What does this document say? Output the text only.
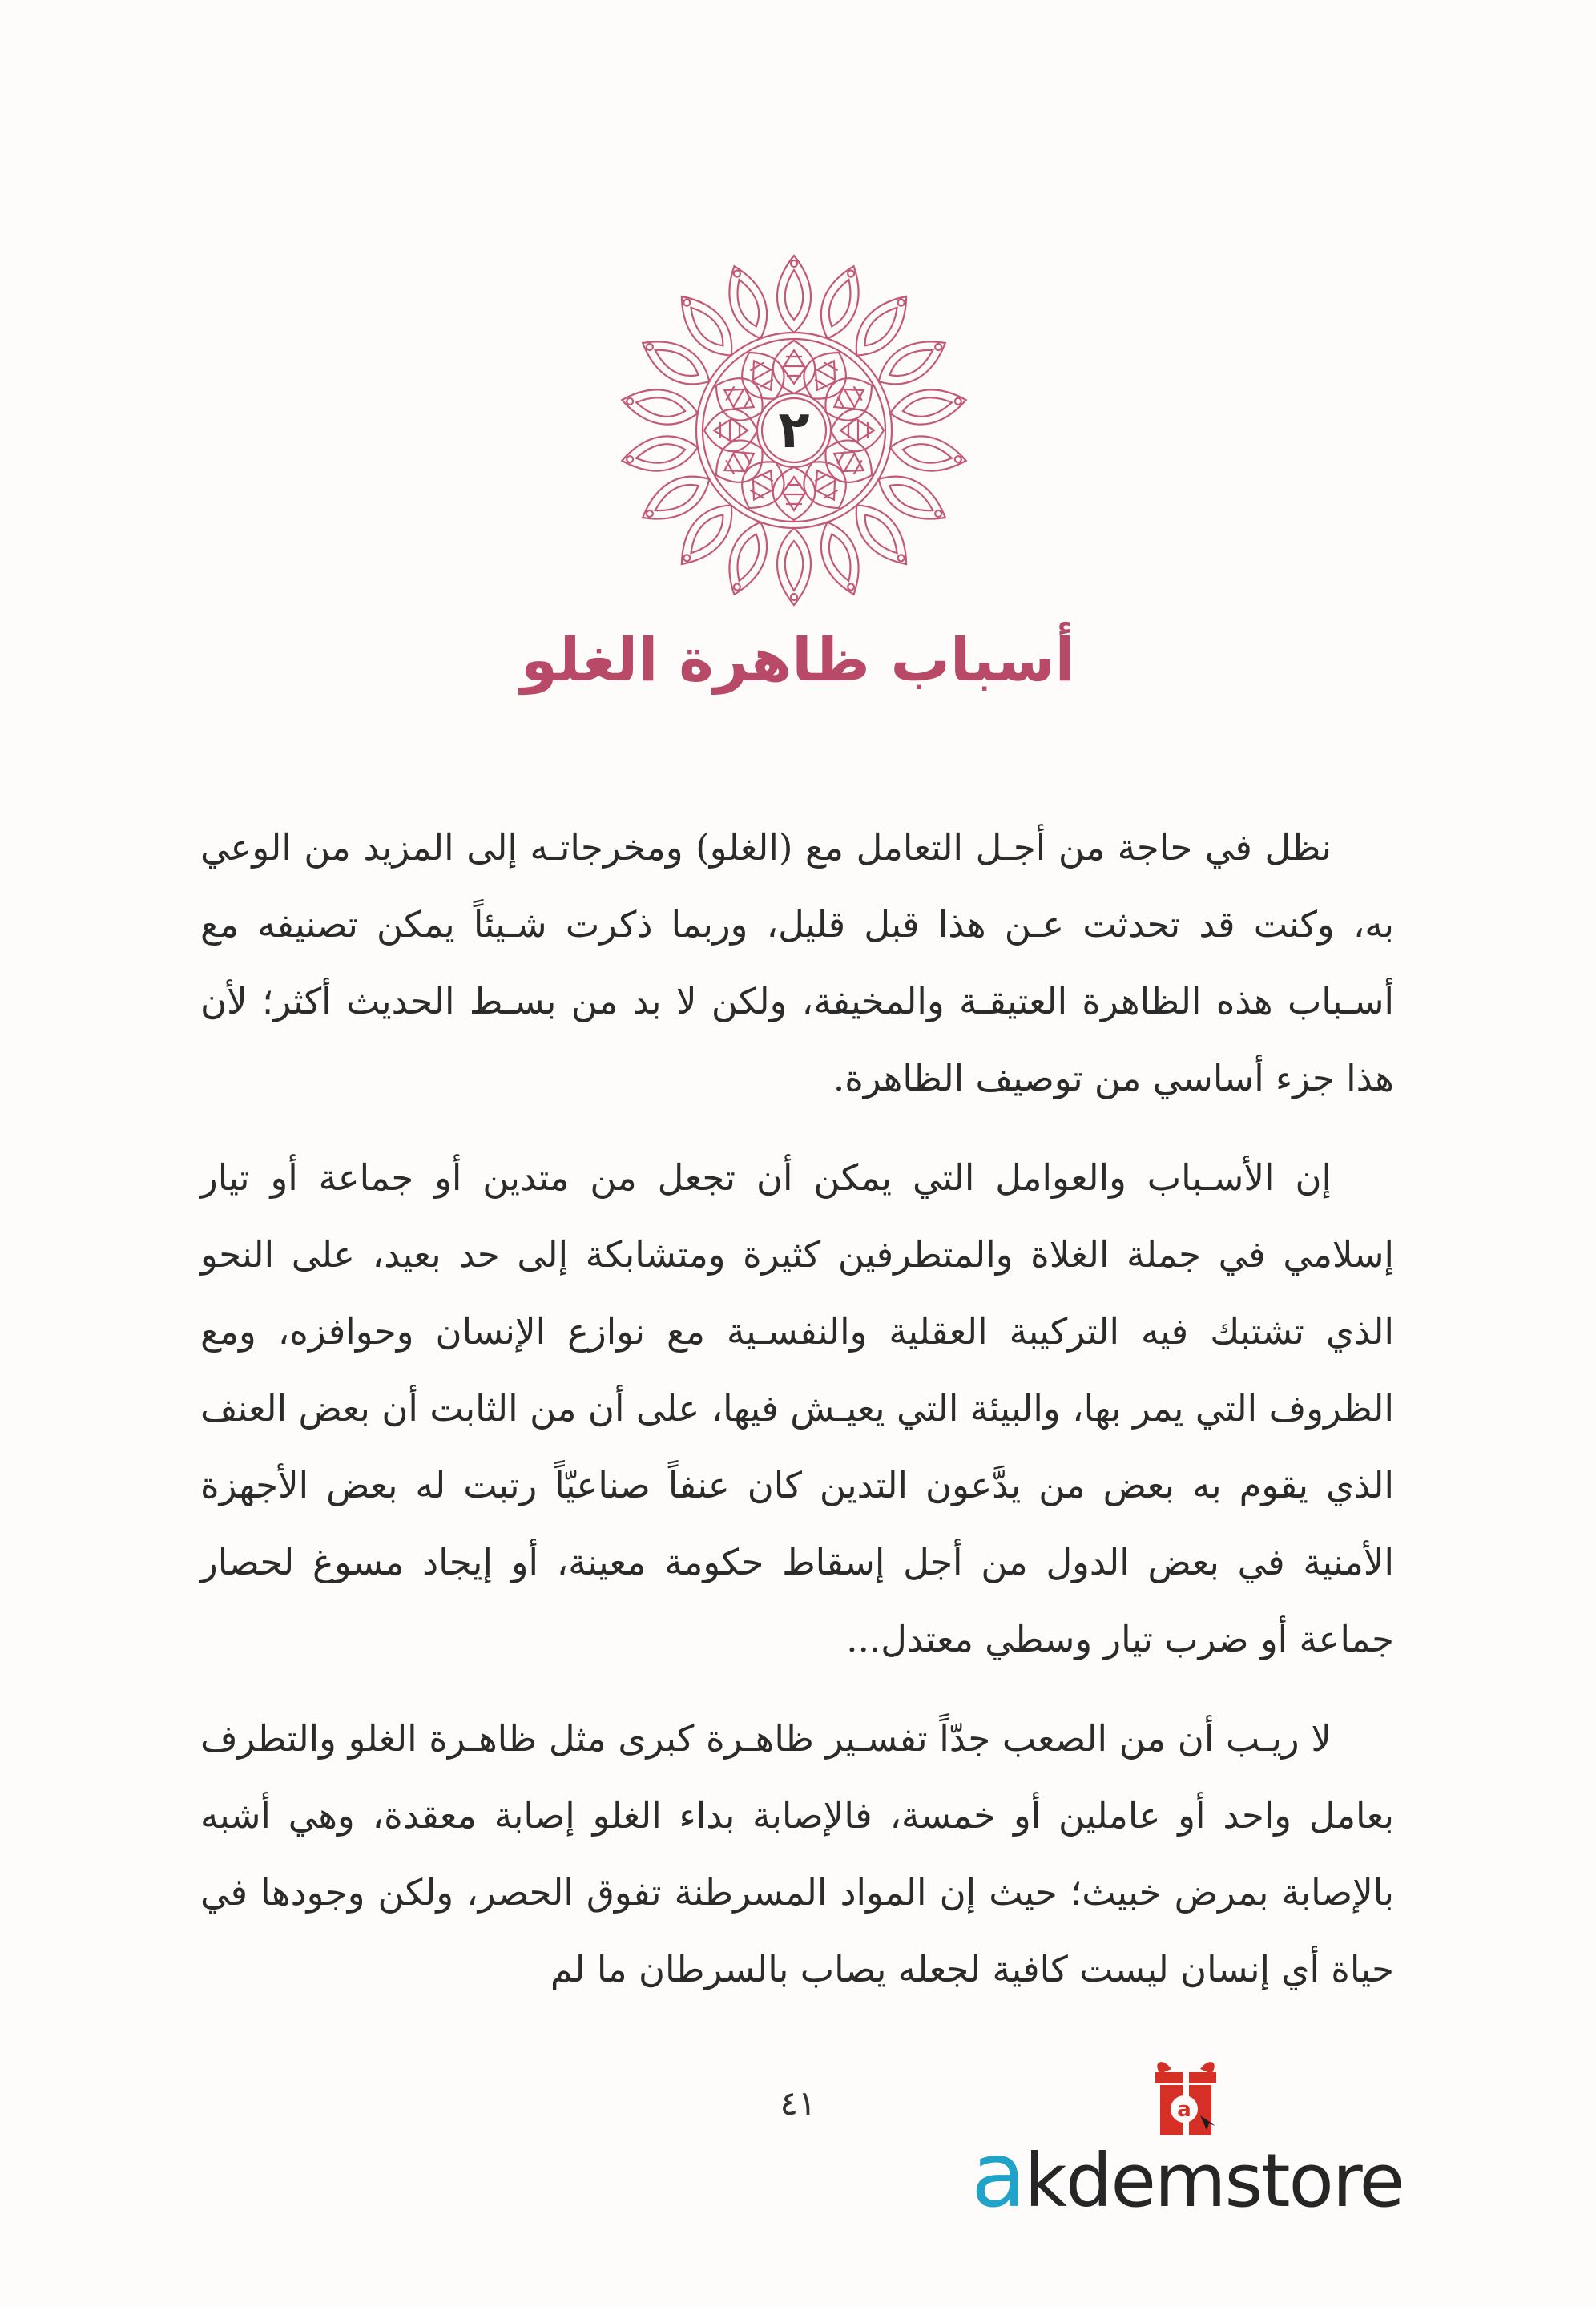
٢
أسباب ظاهرة الغلو

نظل في حاجة من أجـل التعامل مع (الغلو) ومخرجاتـه إلى المزيد من الوعي به، وكنت قد تحدثت عـن هذا قبل قليل، وربما ذكرت شـيئاً يمكن تصنيفه مع أسـباب هذه الظاهرة العتيقـة والمخيفة، ولكن لا بد من بسـط الحديث أكثر؛ لأن هذا جزء أساسي من توصيف الظاهرة.

إن الأسـباب والعوامل التي يمكن أن تجعل من متدين أو جماعة أو تيار إسلامي في جملة الغلاة والمتطرفين كثيرة ومتشابكة إلى حد بعيد، على النحو الذي تشتبك فيه التركيبة العقلية والنفسـية مع نوازع الإنسان وحوافزه، ومع الظروف التي يمر بها، والبيئة التي يعيـش فيها، على أن من الثابت أن بعض العنف الذي يقوم به بعض من يدَّعون التدين كان عنفاً صناعيّاً رتبت له بعض الأجهزة الأمنية في بعض الدول من أجل إسقاط حكومة معينة، أو إيجاد مسوغ لحصار جماعة أو ضرب تيار وسطي معتدل...

لا ريـب أن من الصعب جدّاً تفسـير ظاهـرة كبرى مثل ظاهـرة الغلو والتطرف بعامل واحد أو عاملين أو خمسة، فالإصابة بداء الغلو إصابة معقدة، وهي أشبه بالإصابة بمرض خبيث؛ حيث إن المواد المسرطنة تفوق الحصر، ولكن وجودها في حياة أي إنسان ليست كافية لجعله يصاب بالسرطان ما لم

٤١	a
akdemstore
